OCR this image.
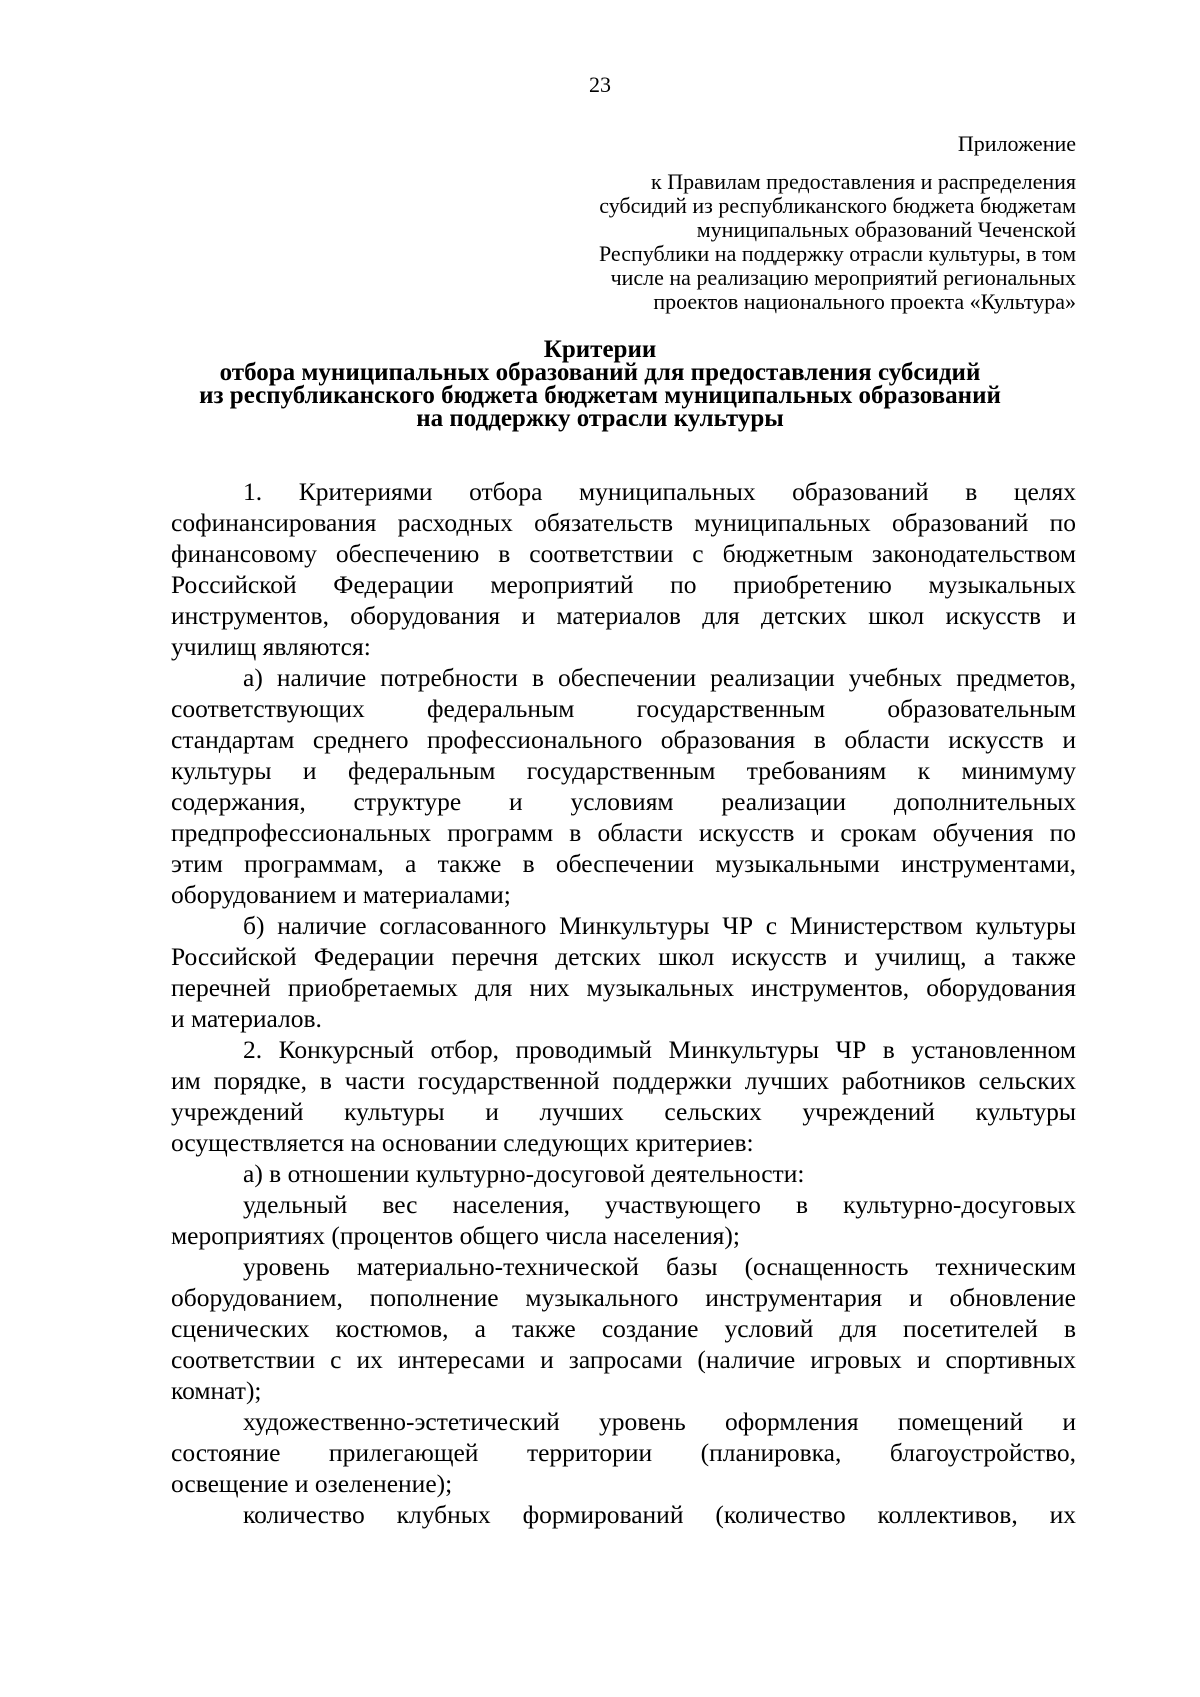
23
Приложение
к Правилам предоставления и распределения
субсидий из республиканского бюджета бюджетам
муниципальных образований Чеченской
Республики на поддержку отрасли культуры, в том
числе на реализацию мероприятий региональных
проектов национального проекта «Культура»
Критерии
отбора муниципальных образований для предоставления субсидий
из республиканского бюджета бюджетам муниципальных образований
на поддержку отрасли культуры
1. Критериями отбора муниципальных образований в целях
софинансирования расходных обязательств муниципальных образований по
финансовому обеспечению в соответствии с бюджетным законодательством
Российской Федерации мероприятий по приобретению музыкальных
инструментов, оборудования и материалов для детских школ искусств и
училищ являются:
а) наличие потребности в обеспечении реализации учебных предметов,
соответствующих федеральным государственным образовательным
стандартам среднего профессионального образования в области искусств и
культуры и федеральным государственным требованиям к минимуму
содержания, структуре и условиям реализации дополнительных
предпрофессиональных программ в области искусств и срокам обучения по
этим программам, а также в обеспечении музыкальными инструментами,
оборудованием и материалами;
б) наличие согласованного Минкультуры ЧР с Министерством культуры
Российской Федерации перечня детских школ искусств и училищ, а также
перечней приобретаемых для них музыкальных инструментов, оборудования
и материалов.
2. Конкурсный отбор, проводимый Минкультуры ЧР в установленном
им порядке, в части государственной поддержки лучших работников сельских
учреждений культуры и лучших сельских учреждений культуры
осуществляется на основании следующих критериев:
а) в отношении культурно-досуговой деятельности:
удельный вес населения, участвующего в культурно-досуговых
мероприятиях (процентов общего числа населения);
уровень материально-технической базы (оснащенность техническим
оборудованием, пополнение музыкального инструментария и обновление
сценических костюмов, а также создание условий для посетителей в
соответствии с их интересами и запросами (наличие игровых и спортивных
комнат);
художественно-эстетический уровень оформления помещений и
состояние прилегающей территории (планировка, благоустройство,
освещение и озеленение);
количество клубных формирований (количество коллективов, их
